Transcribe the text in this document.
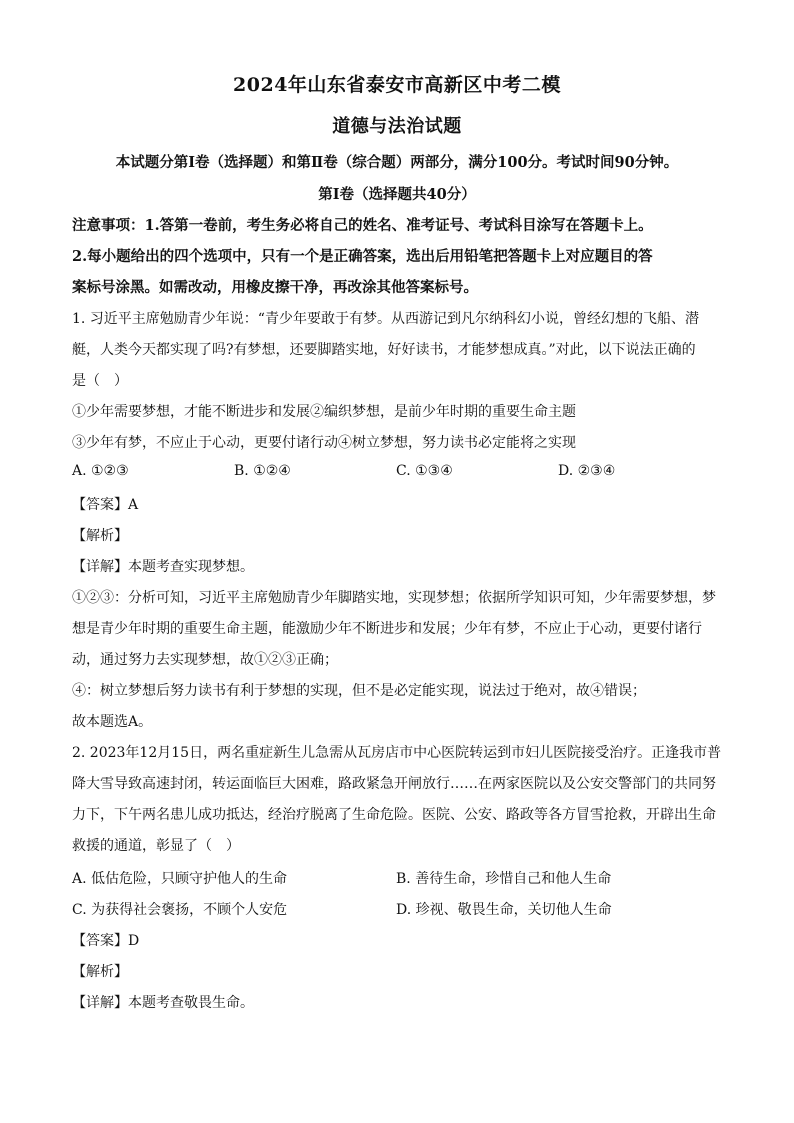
2024年山东省泰安市高新区中考二模
道德与法治试题
本试题分第Ⅰ卷（选择题）和第Ⅱ卷（综合题）两部分，满分100分。考试时间90分钟。
第Ⅰ卷（选择题共40分）
注意事项：1.答第一卷前，考生务必将自己的姓名、准考证号、考试科目涂写在答题卡上。
2.每小题给出的四个选项中，只有一个是正确答案，选出后用铅笔把答题卡上对应题目的答
案标号涂黑。如需改动，用橡皮擦干净，再改涂其他答案标号。
1. 习近平主席勉励青少年说：“青少年要敢于有梦。从西游记到凡尔纳科幻小说，曾经幻想的飞船、潜
艇，人类今天都实现了吗?有梦想，还要脚踏实地，好好读书，才能梦想成真。”对此，以下说法正确的
是（　）
①少年需要梦想，才能不断进步和发展②编织梦想，是前少年时期的重要生命主题
③少年有梦，不应止于心动，更要付诸行动④树立梦想，努力读书必定能将之实现
A. ①②③	B. ①②④	C. ①③④	D. ②③④
【答案】A
【解析】
【详解】本题考查实现梦想。
①②③：分析可知，习近平主席勉励青少年脚踏实地，实现梦想；依据所学知识可知，少年需要梦想，梦
想是青少年时期的重要生命主题，能激励少年不断进步和发展；少年有梦，不应止于心动，更要付诸行
动，通过努力去实现梦想，故①②③正确；
④：树立梦想后努力读书有利于梦想的实现，但不是必定能实现，说法过于绝对，故④错误；
故本题选A。
2. 2023年12月15日，两名重症新生儿急需从瓦房店市中心医院转运到市妇儿医院接受治疗。正逢我市普
降大雪导致高速封闭，转运面临巨大困难，路政紧急开闸放行……在两家医院以及公安交警部门的共同努
力下，下午两名患儿成功抵达，经治疗脱离了生命危险。医院、公安、路政等各方冒雪抢救，开辟出生命
救援的通道，彰显了（　）
A. 低估危险，只顾守护他人的生命	B. 善待生命，珍惜自己和他人生命
C. 为获得社会褒扬，不顾个人安危	D. 珍视、敬畏生命，关切他人生命
【答案】D
【解析】
【详解】本题考查敬畏生命。
